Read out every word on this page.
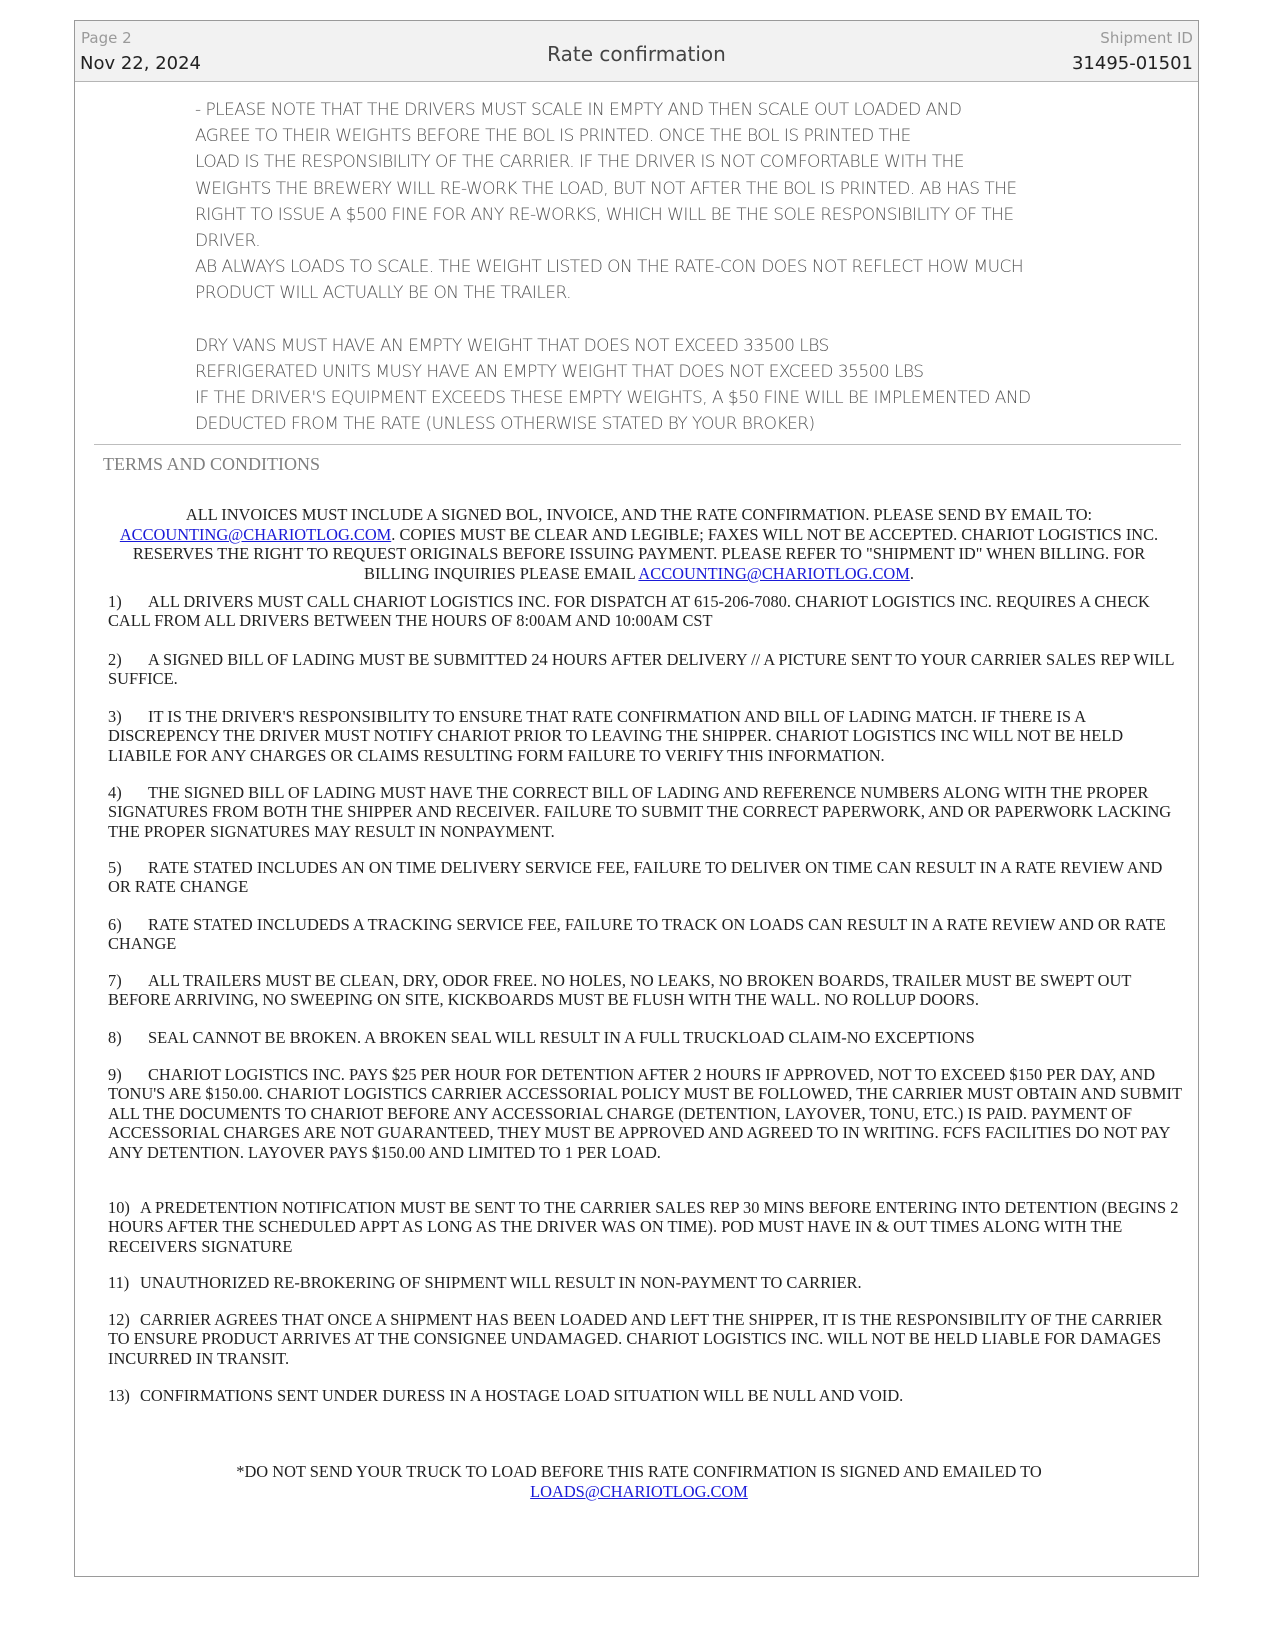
Page 2
Nov 22, 2024	Rate confirmation
Shipment ID
31495-01501

- PLEASE NOTE THAT THE DRIVERS MUST SCALE IN EMPTY AND THEN SCALE OUT LOADED AND

AGREE TO THEIR WEIGHTS BEFORE THE BOL IS PRINTED. ONCE THE BOL IS PRINTED THE

LOAD IS THE RESPONSIBILITY OF THE CARRIER. IF THE DRIVER IS NOT COMFORTABLE WITH THE

WEIGHTS THE BREWERY WILL RE-WORK THE LOAD, BUT NOT AFTER THE BOL IS PRINTED. AB HAS THE

RIGHT TO ISSUE A $500 FINE FOR ANY RE-WORKS, WHICH WILL BE THE SOLE RESPONSIBILITY OF THE

DRIVER.

AB ALWAYS LOADS TO SCALE. THE WEIGHT LISTED ON THE RATE-CON DOES NOT REFLECT HOW MUCH

PRODUCT WILL ACTUALLY BE ON THE TRAILER.

DRY VANS MUST HAVE AN EMPTY WEIGHT THAT DOES NOT EXCEED 33500 LBS

REFRIGERATED UNITS MUSY HAVE AN EMPTY WEIGHT THAT DOES NOT EXCEED 35500 LBS

IF THE DRIVER'S EQUIPMENT EXCEEDS THESE EMPTY WEIGHTS, A $50 FINE WILL BE IMPLEMENTED AND

DEDUCTED FROM THE RATE (UNLESS OTHERWISE STATED BY YOUR BROKER)

TERMS AND CONDITIONS
ALL INVOICES MUST INCLUDE A SIGNED BOL, INVOICE, AND THE RATE CONFIRMATION. PLEASE SEND BY EMAIL TO:
ACCOUNTING@CHARIOTLOG.COM. COPIES MUST BE CLEAR AND LEGIBLE; FAXES WILL NOT BE ACCEPTED. CHARIOT LOGISTICS INC. RESERVES THE RIGHT TO REQUEST ORIGINALS BEFORE ISSUING PAYMENT. PLEASE REFER TO "SHIPMENT ID" WHEN BILLING. FOR BILLING INQUIRIES PLEASE EMAIL ACCOUNTING@CHARIOTLOG.COM.
1) ALL DRIVERS MUST CALL CHARIOT LOGISTICS INC. FOR DISPATCH AT 615-206-7080. CHARIOT LOGISTICS INC. REQUIRES A CHECK CALL FROM ALL DRIVERS BETWEEN THE HOURS OF 8:00AM AND 10:00AM CST
2) A SIGNED BILL OF LADING MUST BE SUBMITTED 24 HOURS AFTER DELIVERY // A PICTURE SENT TO YOUR CARRIER SALES REP WILL SUFFICE.
3) IT IS THE DRIVER'S RESPONSIBILITY TO ENSURE THAT RATE CONFIRMATION AND BILL OF LADING MATCH. IF THERE IS A DISCREPENCY THE DRIVER MUST NOTIFY CHARIOT PRIOR TO LEAVING THE SHIPPER. CHARIOT LOGISTICS INC WILL NOT BE HELD LIABILE FOR ANY CHARGES OR CLAIMS RESULTING FORM FAILURE TO VERIFY THIS INFORMATION.
4) THE SIGNED BILL OF LADING MUST HAVE THE CORRECT BILL OF LADING AND REFERENCE NUMBERS ALONG WITH THE PROPER SIGNATURES FROM BOTH THE SHIPPER AND RECEIVER. FAILURE TO SUBMIT THE CORRECT PAPERWORK, AND OR PAPERWORK LACKING THE PROPER SIGNATURES MAY RESULT IN NONPAYMENT.
5) RATE STATED INCLUDES AN ON TIME DELIVERY SERVICE FEE, FAILURE TO DELIVER ON TIME CAN RESULT IN A RATE REVIEW AND OR RATE CHANGE
6) RATE STATED INCLUDEDS A TRACKING SERVICE FEE, FAILURE TO TRACK ON LOADS CAN RESULT IN A RATE REVIEW AND OR RATE CHANGE
7) ALL TRAILERS MUST BE CLEAN, DRY, ODOR FREE. NO HOLES, NO LEAKS, NO BROKEN BOARDS, TRAILER MUST BE SWEPT OUT BEFORE ARRIVING, NO SWEEPING ON SITE, KICKBOARDS MUST BE FLUSH WITH THE WALL. NO ROLLUP DOORS.
8) SEAL CANNOT BE BROKEN. A BROKEN SEAL WILL RESULT IN A FULL TRUCKLOAD CLAIM-NO EXCEPTIONS
9) CHARIOT LOGISTICS INC. PAYS $25 PER HOUR FOR DETENTION AFTER 2 HOURS IF APPROVED, NOT TO EXCEED $150 PER DAY, AND TONU'S ARE $150.00. CHARIOT LOGISTICS CARRIER ACCESSORIAL POLICY MUST BE FOLLOWED, THE CARRIER MUST OBTAIN AND SUBMIT ALL THE DOCUMENTS TO CHARIOT BEFORE ANY ACCESSORIAL CHARGE (DETENTION, LAYOVER, TONU, ETC.) IS PAID. PAYMENT OF ACCESSORIAL CHARGES ARE NOT GUARANTEED, THEY MUST BE APPROVED AND AGREED TO IN WRITING. FCFS FACILITIES DO NOT PAY ANY DETENTION. LAYOVER PAYS $150.00 AND LIMITED TO 1 PER LOAD.
10) A PREDETENTION NOTIFICATION MUST BE SENT TO THE CARRIER SALES REP 30 MINS BEFORE ENTERING INTO DETENTION (BEGINS 2 HOURS AFTER THE SCHEDULED APPT AS LONG AS THE DRIVER WAS ON TIME). POD MUST HAVE IN & OUT TIMES ALONG WITH THE RECEIVERS SIGNATURE
11) UNAUTHORIZED RE-BROKERING OF SHIPMENT WILL RESULT IN NON-PAYMENT TO CARRIER.
12) CARRIER AGREES THAT ONCE A SHIPMENT HAS BEEN LOADED AND LEFT THE SHIPPER, IT IS THE RESPONSIBILITY OF THE CARRIER TO ENSURE PRODUCT ARRIVES AT THE CONSIGNEE UNDAMAGED. CHARIOT LOGISTICS INC. WILL NOT BE HELD LIABLE FOR DAMAGES INCURRED IN TRANSIT.
13) CONFIRMATIONS SENT UNDER DURESS IN A HOSTAGE LOAD SITUATION WILL BE NULL AND VOID.
*DO NOT SEND YOUR TRUCK TO LOAD BEFORE THIS RATE CONFIRMATION IS SIGNED AND EMAILED TO
LOADS@CHARIOTLOG.COM
